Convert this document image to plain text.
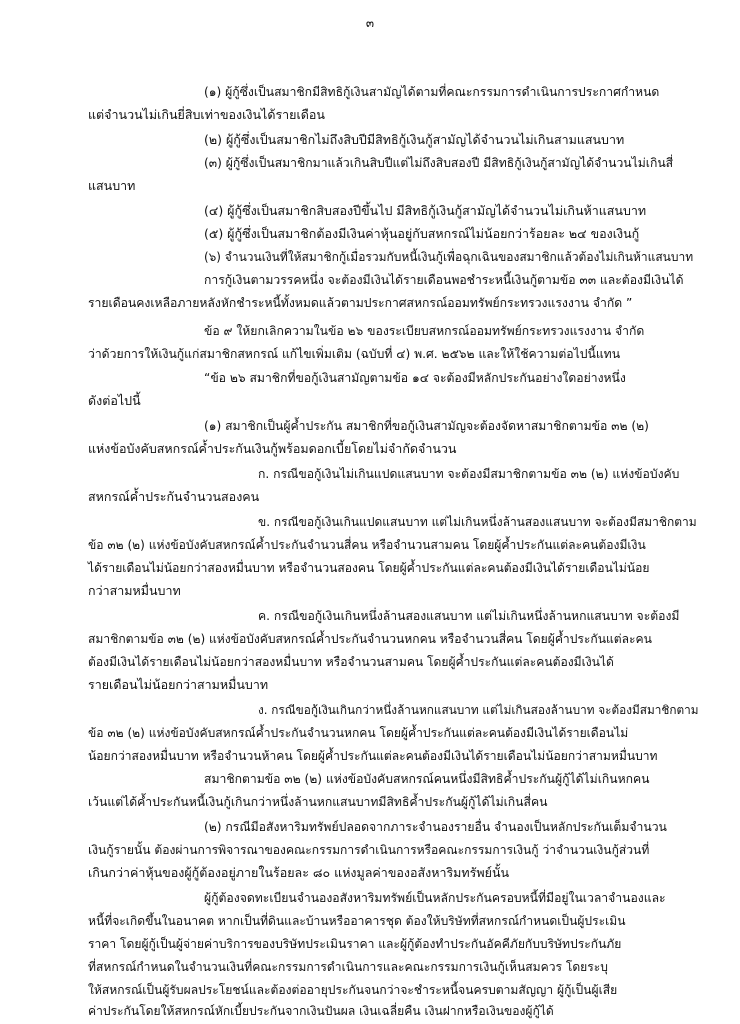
๓
(๑) ผู้กู้ซึ่งเป็นสมาชิกมีสิทธิกู้เงินสามัญได้ตามที่คณะกรรมการดำเนินการประกาศกำหนด
แต่จำนวนไม่เกินยี่สิบเท่าของเงินได้รายเดือน
(๒) ผู้กู้ซึ่งเป็นสมาชิกไม่ถึงสิบปีมีสิทธิกู้เงินกู้สามัญได้จำนวนไม่เกินสามแสนบาท
(๓) ผู้กู้ซึ่งเป็นสมาชิกมาแล้วเกินสิบปีแต่ไม่ถึงสิบสองปี มีสิทธิกู้เงินกู้สามัญได้จำนวนไม่เกินสี่
แสนบาท
(๔) ผู้กู้ซึ่งเป็นสมาชิกสิบสองปีขึ้นไป มีสิทธิกู้เงินกู้สามัญได้จำนวนไม่เกินห้าแสนบาท
(๕) ผู้กู้ซึ่งเป็นสมาชิกต้องมีเงินค่าหุ้นอยู่กับสหกรณ์ไม่น้อยกว่าร้อยละ ๒๔ ของเงินกู้
(๖) จำนวนเงินที่ให้สมาชิกกู้เมื่อรวมกับหนี้เงินกู้เพื่อฉุกเฉินของสมาชิกแล้วต้องไม่เกินห้าแสนบาท
การกู้เงินตามวรรคหนึ่ง จะต้องมีเงินได้รายเดือนพอชำระหนี้เงินกู้ตามข้อ ๓๓ และต้องมีเงินได้
รายเดือนคงเหลือภายหลังหักชำระหนี้ทั้งหมดแล้วตามประกาศสหกรณ์ออมทรัพย์กระทรวงแรงงาน จำกัด ”
ข้อ ๙ ให้ยกเลิกความในข้อ ๒๖ ของระเบียบสหกรณ์ออมทรัพย์กระทรวงแรงงาน จำกัด
ว่าด้วยการให้เงินกู้แก่สมาชิกสหกรณ์ แก้ไขเพิ่มเติม (ฉบับที่ ๔) พ.ศ. ๒๕๖๒ และให้ใช้ความต่อไปนี้แทน
“ข้อ ๒๖ สมาชิกที่ขอกู้เงินสามัญตามข้อ ๑๔ จะต้องมีหลักประกันอย่างใดอย่างหนึ่ง
ดังต่อไปนี้
(๑) สมาชิกเป็นผู้ค้ำประกัน สมาชิกที่ขอกู้เงินสามัญจะต้องจัดหาสมาชิกตามข้อ ๓๒ (๒)
แห่งข้อบังคับสหกรณ์ค้ำประกันเงินกู้พร้อมดอกเบี้ยโดยไม่จำกัดจำนวน
ก. กรณีขอกู้เงินไม่เกินแปดแสนบาท จะต้องมีสมาชิกตามข้อ ๓๒ (๒) แห่งข้อบังคับ
สหกรณ์ค้ำประกันจำนวนสองคน
ข. กรณีขอกู้เงินเกินแปดแสนบาท แต่ไม่เกินหนึ่งล้านสองแสนบาท จะต้องมีสมาชิกตาม
ข้อ ๓๒ (๒) แห่งข้อบังคับสหกรณ์ค้ำประกันจำนวนสี่คน หรือจำนวนสามคน โดยผู้ค้ำประกันแต่ละคนต้องมีเงิน
ได้รายเดือนไม่น้อยกว่าสองหมื่นบาท หรือจำนวนสองคน โดยผู้ค้ำประกันแต่ละคนต้องมีเงินได้รายเดือนไม่น้อย
กว่าสามหมื่นบาท
ค. กรณีขอกู้เงินเกินหนึ่งล้านสองแสนบาท แต่ไม่เกินหนึ่งล้านหกแสนบาท จะต้องมี
สมาชิกตามข้อ ๓๒ (๒) แห่งข้อบังคับสหกรณ์ค้ำประกันจำนวนหกคน หรือจำนวนสี่คน โดยผู้ค้ำประกันแต่ละคน
ต้องมีเงินได้รายเดือนไม่น้อยกว่าสองหมื่นบาท หรือจำนวนสามคน โดยผู้ค้ำประกันแต่ละคนต้องมีเงินได้
รายเดือนไม่น้อยกว่าสามหมื่นบาท
ง. กรณีขอกู้เงินเกินกว่าหนึ่งล้านหกแสนบาท แต่ไม่เกินสองล้านบาท จะต้องมีสมาชิกตาม
ข้อ ๓๒ (๒) แห่งข้อบังคับสหกรณ์ค้ำประกันจำนวนหกคน โดยผู้ค้ำประกันแต่ละคนต้องมีเงินได้รายเดือนไม่
น้อยกว่าสองหมื่นบาท หรือจำนวนห้าคน โดยผู้ค้ำประกันแต่ละคนต้องมีเงินได้รายเดือนไม่น้อยกว่าสามหมื่นบาท
สมาชิกตามข้อ ๓๒ (๒) แห่งข้อบังคับสหกรณ์คนหนึ่งมีสิทธิค้ำประกันผู้กู้ได้ไม่เกินหกคน
เว้นแต่ได้ค้ำประกันหนี้เงินกู้เกินกว่าหนึ่งล้านหกแสนบาทมีสิทธิค้ำประกันผู้กู้ได้ไม่เกินสี่คน
(๒) กรณีมีอสังหาริมทรัพย์ปลอดจากภาระจำนองรายอื่น จำนองเป็นหลักประกันเต็มจำนวน
เงินกู้รายนั้น ต้องผ่านการพิจารณาของคณะกรรมการดำเนินการหรือคณะกรรมการเงินกู้ ว่าจำนวนเงินกู้ส่วนที่
เกินกว่าค่าหุ้นของผู้กู้ต้องอยู่ภายในร้อยละ ๘๐ แห่งมูลค่าของอสังหาริมทรัพย์นั้น
ผู้กู้ต้องจดทะเบียนจำนองอสังหาริมทรัพย์เป็นหลักประกันครอบหนี้ที่มีอยู่ในเวลาจำนองและ
หนี้ที่จะเกิดขึ้นในอนาคต หากเป็นที่ดินและบ้านหรืออาคารชุด ต้องให้บริษัทที่สหกรณ์กำหนดเป็นผู้ประเมิน
ราคา โดยผู้กู้เป็นผู้จ่ายค่าบริการของบริษัทประเมินราคา และผู้กู้ต้องทำประกันอัคคีภัยกับบริษัทประกันภัย
ที่สหกรณ์กำหนดในจำนวนเงินที่คณะกรรมการดำเนินการและคณะกรรมการเงินกู้เห็นสมควร โดยระบุ
ให้สหกรณ์เป็นผู้รับผลประโยชน์และต้องต่ออายุประกันจนกว่าจะชำระหนี้จนครบตามสัญญา ผู้กู้เป็นผู้เสีย
ค่าประกันโดยให้สหกรณ์หักเบี้ยประกันจากเงินปันผล เงินเฉลี่ยคืน เงินฝากหรือเงินของผู้กู้ได้
